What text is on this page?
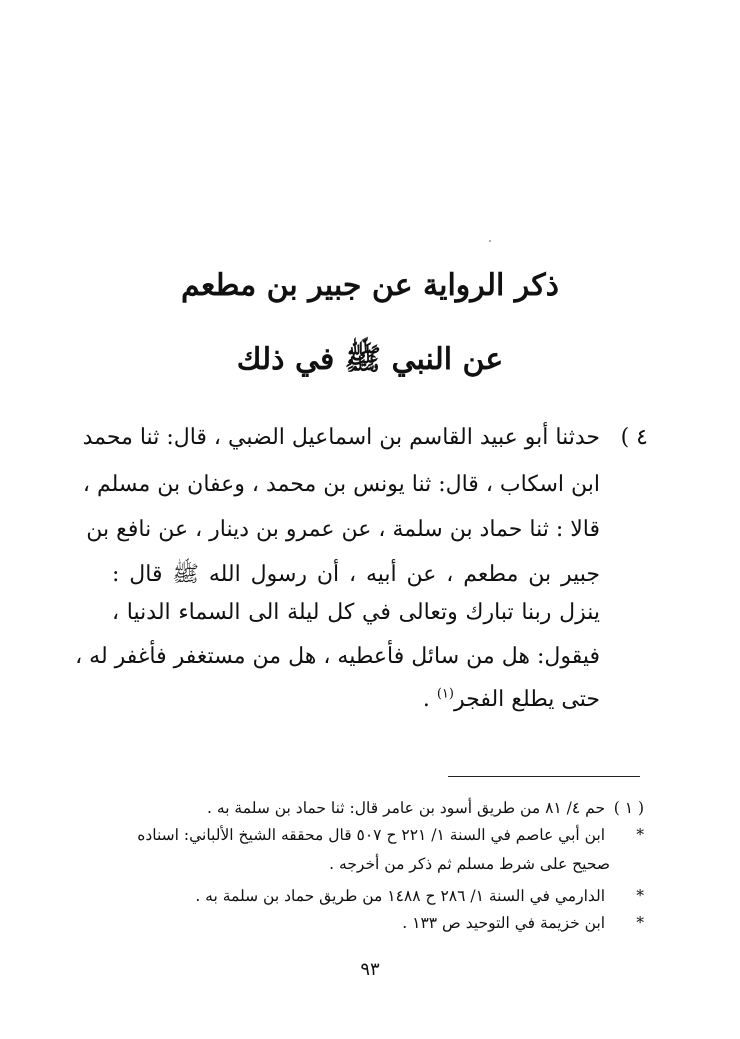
ذكر الرواية عن جبير بن مطعم
عن النبي ﷺ في ذلك
٤ )
حدثنا أبو عبيد القاسم بن اسماعيل الضبي ، قال: ثنا محمد
ابن اسكاب ، قال: ثنا يونس بن محمد ، وعفان بن مسلم ،
قالا : ثنا حماد بن سلمة ، عن عمرو بن دينار ، عن نافع بن
جبير بن مطعم ، عن أبيه ، أن رسول الله ﷺ قال :
ينزل ربنا تبارك وتعالى في كل ليلة الى السماء الدنيا ،
فيقول: هل من سائل فأعطيه ، هل من مستغفر فأغفر له ،
حتى يطلع الفجر$^{(١)}$ .
( ١ ) حم ٤/ ٨١ من طريق أسود بن عامر قال: ثنا حماد بن سلمة به .
* ابن أبي عاصم في السنة ١/ ٢٢١ ح ٥٠٧ قال محققه الشيخ الألباني: اسناده
صحيح على شرط مسلم ثم ذكر من أخرجه .
* الدارمي في السنة ١/ ٢٨٦ ح ١٤٨٨ من طريق حماد بن سلمة به .
* ابن خزيمة في التوحيد ص ١٣٣ .
٩٣
